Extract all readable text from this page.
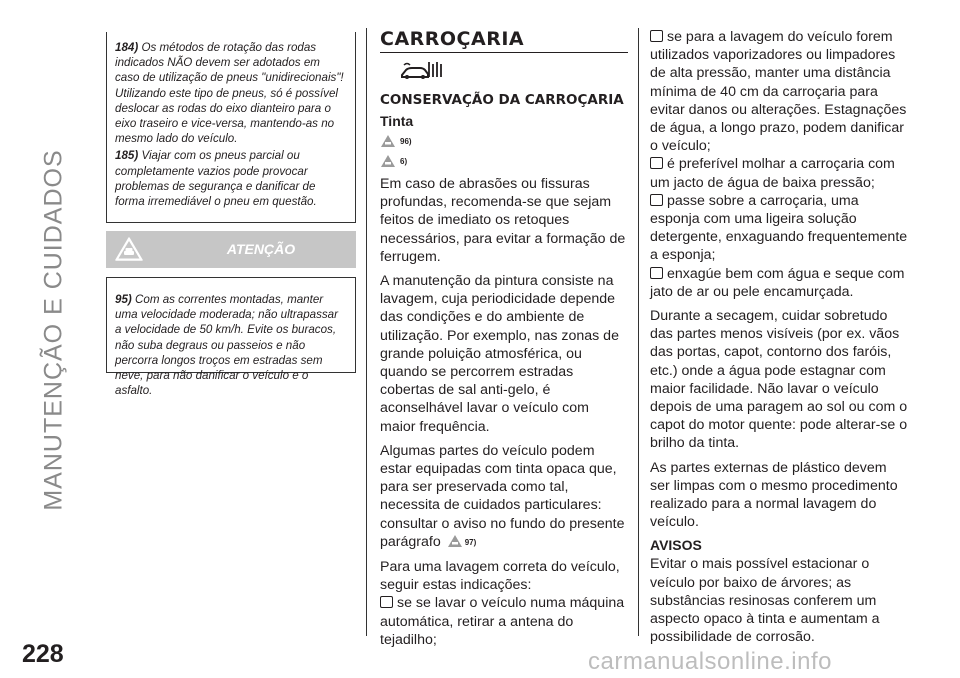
MANUTENÇÃO E CUIDADOS
228	carmanualsonline.info

184) Os métodos de rotação das rodas indicados NÃO devem ser adotados em caso de utilização de pneus "unidirecionais"! Utilizando este tipo de pneus, só é possível deslocar as rodas do eixo dianteiro para o eixo traseiro e vice-versa, mantendo-as no mesmo lado do veículo.

185) Viajar com os pneus parcial ou completamente vazios pode provocar problemas de segurança e danificar de forma irremediável o pneu em questão.

ATENÇÃO

95) Com as correntes montadas, manter uma velocidade moderada; não ultrapassar a velocidade de 50 km/h. Evite os buracos, não suba degraus ou passeios e não percorra longos troços em estradas sem neve, para não danificar o veículo e o asfalto.

CARROÇARIA
CONSERVAÇÃO DA CARROÇARIA
Tinta
96)
6)

Em caso de abrasões ou fissuras profundas, recomenda-se que sejam feitos de imediato os retoques necessários, para evitar a formação de ferrugem.

A manutenção da pintura consiste na lavagem, cuja periodicidade depende das condições e do ambiente de utilização. Por exemplo, nas zonas de grande poluição atmosférica, ou quando se percorrem estradas cobertas de sal anti-gelo, é aconselhável lavar o veículo com maior frequência.

Algumas partes do veículo podem estar equipadas com tinta opaca que, para ser preservada como tal, necessita de cuidados particulares: consultar o aviso no fundo do presente parágrafo	97)

Para uma lavagem correta do veículo, seguir estas indicações:

se se lavar o veículo numa máquina automática, retirar a antena do tejadilho;

se para a lavagem do veículo forem utilizados vaporizadores ou limpadores de alta pressão, manter uma distância mínima de 40 cm da carroçaria para evitar danos ou alterações. Estagnações de água, a longo prazo, podem danificar o veículo;

é preferível molhar a carroçaria com um jacto de água de baixa pressão;

passe sobre a carroçaria, uma esponja com uma ligeira solução detergente, enxaguando frequentemente a esponja;

enxagúe bem com água e seque com jato de ar ou pele encamurçada.

Durante a secagem, cuidar sobretudo das partes menos visíveis (por ex. vãos das portas, capot, contorno dos faróis, etc.) onde a água pode estagnar com maior facilidade. Não lavar o veículo depois de uma paragem ao sol ou com o capot do motor quente: pode alterar-se o brilho da tinta.

As partes externas de plástico devem ser limpas com o mesmo procedimento realizado para a normal lavagem do veículo.

AVISOS

Evitar o mais possível estacionar o veículo por baixo de árvores; as substâncias resinosas conferem um aspecto opaco à tinta e aumentam a possibilidade de corrosão.
